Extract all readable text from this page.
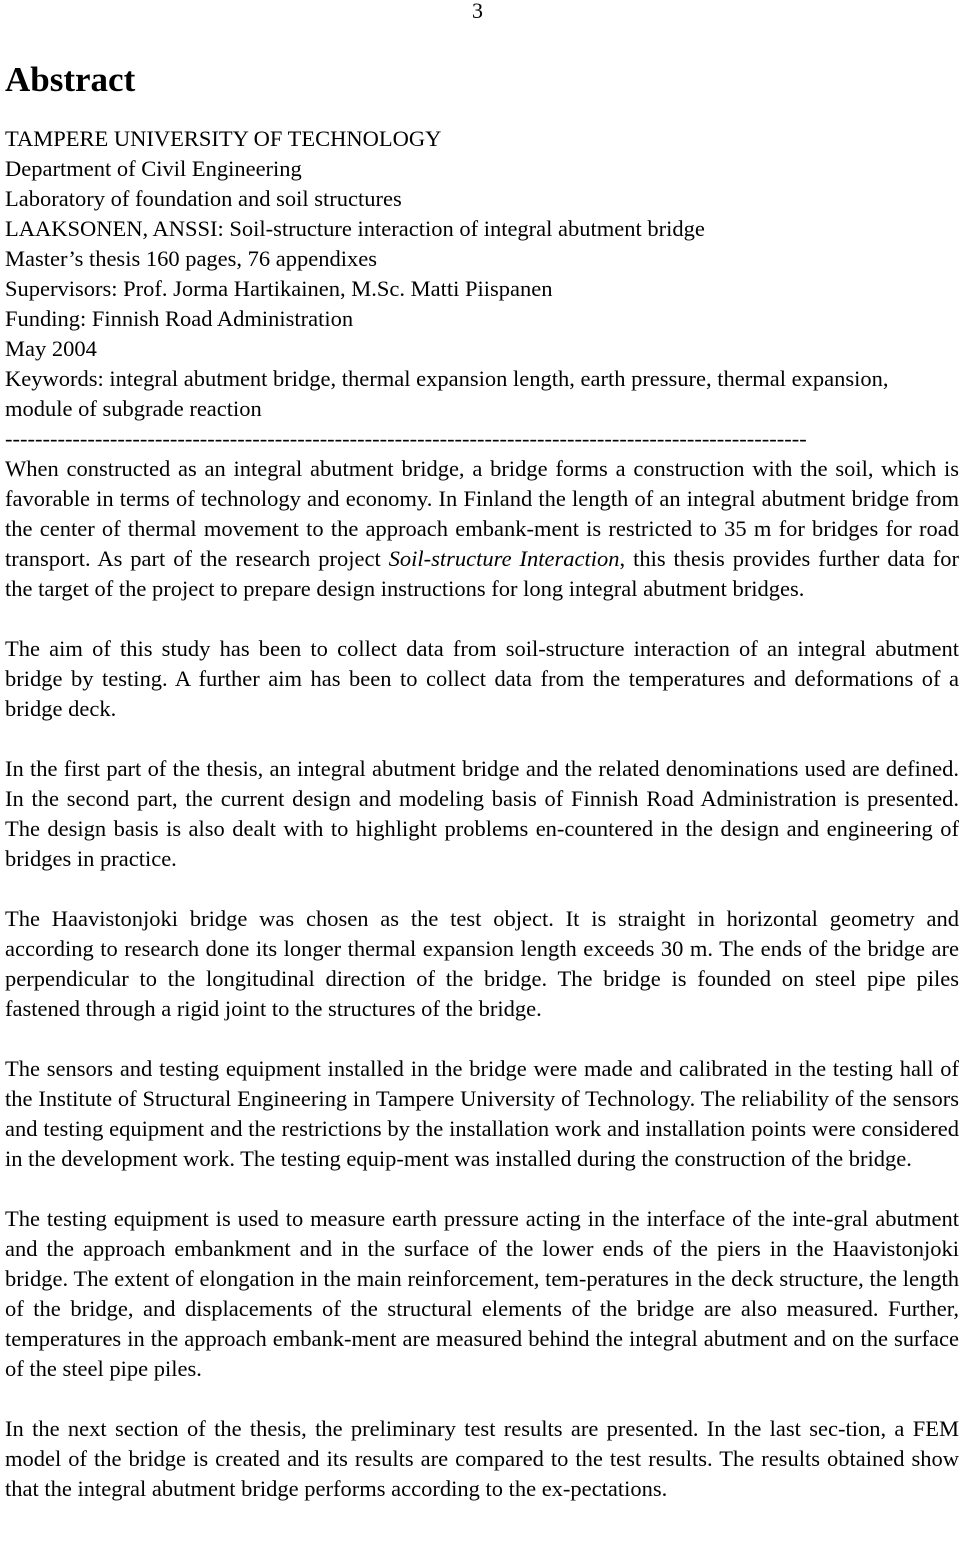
3
Abstract
TAMPERE UNIVERSITY OF TECHNOLOGY
Department of Civil Engineering
Laboratory of foundation and soil structures
LAAKSONEN, ANSSI: Soil-structure interaction of integral abutment bridge
Master’s thesis 160 pages, 76 appendixes
Supervisors: Prof. Jorma Hartikainen, M.Sc. Matti Piispanen
Funding: Finnish Road Administration
May 2004
Keywords: integral abutment bridge, thermal expansion length, earth pressure, thermal expansion, module of subgrade reaction
-----------------------------------------------------------------------------------------------------------

When constructed as an integral abutment bridge, a bridge forms a construction with the soil, which is favorable in terms of technology and economy. In Finland the length of an integral abutment bridge from the center of thermal movement to the approach embank-ment is restricted to 35 m for bridges for road transport. As part of the research project Soil-structure Interaction, this thesis provides further data for the target of the project to prepare design instructions for long integral abutment bridges.

The aim of this study has been to collect data from soil-structure interaction of an integral abutment bridge by testing. A further aim has been to collect data from the temperatures and deformations of a bridge deck.

In the first part of the thesis, an integral abutment bridge and the related denominations used are defined. In the second part, the current design and modeling basis of Finnish Road Administration is presented. The design basis is also dealt with to highlight problems en-countered in the design and engineering of bridges in practice.

The Haavistonjoki bridge was chosen as the test object. It is straight in horizontal geometry and according to research done its longer thermal expansion length exceeds 30 m. The ends of the bridge are perpendicular to the longitudinal direction of the bridge. The bridge is founded on steel pipe piles fastened through a rigid joint to the structures of the bridge.

The sensors and testing equipment installed in the bridge were made and calibrated in the testing hall of the Institute of Structural Engineering in Tampere University of Technology. The reliability of the sensors and testing equipment and the restrictions by the installation work and installation points were considered in the development work. The testing equip-ment was installed during the construction of the bridge.

The testing equipment is used to measure earth pressure acting in the interface of the inte-gral abutment and the approach embankment and in the surface of the lower ends of the piers in the Haavistonjoki bridge. The extent of elongation in the main reinforcement, tem-peratures in the deck structure, the length of the bridge, and displacements of the structural elements of the bridge are also measured. Further, temperatures in the approach embank-ment are measured behind the integral abutment and on the surface of the steel pipe piles.

In the next section of the thesis, the preliminary test results are presented. In the last sec-tion, a FEM model of the bridge is created and its results are compared to the test results. The results obtained show that the integral abutment bridge performs according to the ex-pectations.
